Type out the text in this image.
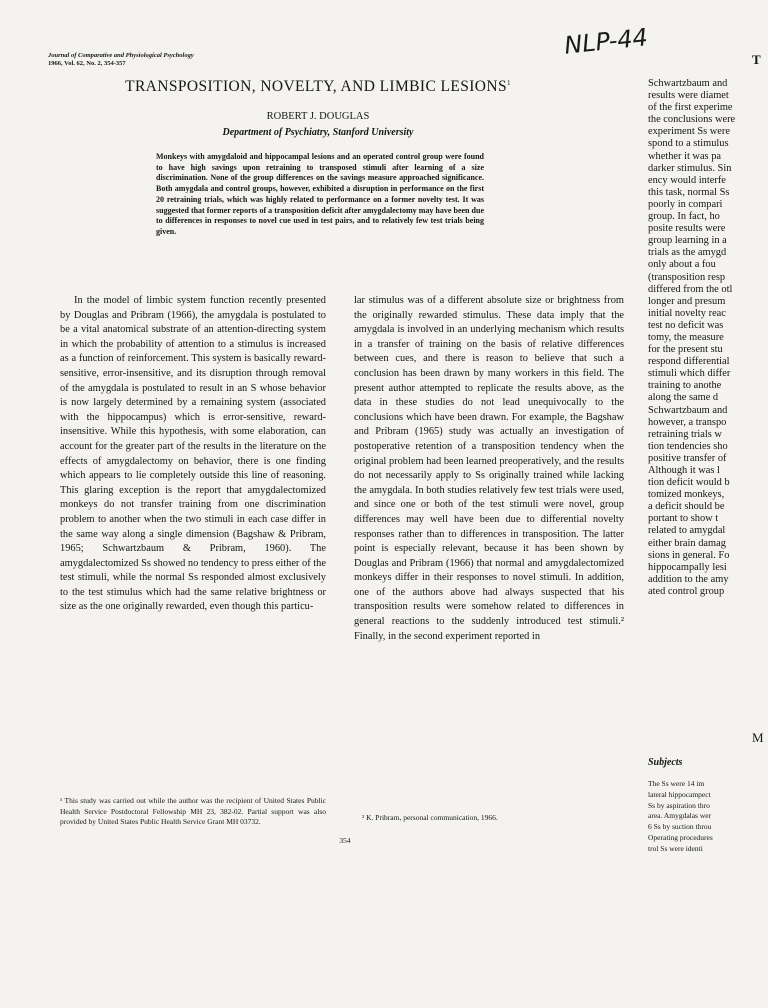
NLP-44
Journal of Comparative and Physiological Psychology
1966, Vol. 62, No. 2, 354-357
TRANSPOSITION, NOVELTY, AND LIMBIC LESIONS$^1$
ROBERT J. DOUGLAS
Department of Psychiatry, Stanford University
Monkeys with amygdaloid and hippocampal lesions and an operated control group were found to have high savings upon retraining to transposed stimuli after learning of a size discrimination. None of the group differences on the savings measure approached significance. Both amygdala and control groups, however, exhibited a disruption in performance on the first 20 retraining trials, which was highly related to performance on a former novelty test. It was suggested that former reports of a transposition deficit after amygdalectomy may have been due to differences in responses to novel cue used in test pairs, and to relatively few test trials being given.

In the model of limbic system function recently presented by Douglas and Pribram (1966), the amygdala is postulated to be a vital anatomical substrate of an attention-directing system in which the probability of attention to a stimulus is increased as a function of reinforcement. This system is basically reward-sensitive, error-insensitive, and its disruption through removal of the amygdala is postulated to result in an S whose behavior is now largely determined by a remaining system (associated with the hippocampus) which is error-sensitive, reward-insensitive. While this hypothesis, with some elaboration, can account for the greater part of the results in the literature on the effects of amygdalectomy on behavior, there is one finding which appears to lie completely outside this line of reasoning. This glaring exception is the report that amygdalectomized monkeys do not transfer training from one discrimination problem to another when the two stimuli in each case differ in the same way along a single dimension (Bagshaw & Pribram, 1965; Schwartzbaum & Pribram, 1960). The amygdalectomized Ss showed no tendency to press either of the test stimuli, while the normal Ss responded almost exclusively to the test stimulus which had the same relative brightness or size as the one originally rewarded, even though this particu-

lar stimulus was of a different absolute size or brightness from the originally rewarded stimulus. These data imply that the amygdala is involved in an underlying mechanism which results in a transfer of training on the basis of relative differences between cues, and there is reason to believe that such a conclusion has been drawn by many workers in this field. The present author attempted to replicate the results above, as the data in these studies do not lead unequivocally to the conclusions which have been drawn. For example, the Bagshaw and Pribram (1965) study was actually an investigation of postoperative retention of a transposition tendency when the original problem had been learned preoperatively, and the results do not necessarily apply to Ss originally trained while lacking the amygdala. In both studies relatively few test trials were used, and since one or both of the test stimuli were novel, group differences may well have been due to differential novelty responses rather than to differences in transposition. The latter point is especially relevant, because it has been shown by Douglas and Pribram (1966) that normal and amygdalectomized monkeys differ in their responses to novel stimuli. In addition, one of the authors above had always suspected that his transposition results were somehow related to differences in general reactions to the suddenly introduced test stimuli.² Finally, in the second experiment reported in

¹ This study was carried out while the author was the recipient of United States Public Health Service Postdoctoral Fellowship MH 23, 382-02. Partial support was also provided by United States Public Health Service Grant MH 03732.	² K. Pribram, personal communication, 1966.
354
T
Schwartzbaum and
results were diamet
of the first experime
the conclusions were
experiment Ss were
spond to a stimulus
whether it was pa
darker stimulus. Sin
ency would interfe
this task, normal Ss
poorly in compari
group. In fact, ho
posite results were
group learning in a
trials as the amygd
only about a fou
(transposition resp
differed from the otl
longer and presum
initial novelty reac
test no deficit was
tomy, the measure
for the present stu
respond differential
stimuli which differ
training to anothe
along the same d
Schwartzbaum and
however, a transpo
retraining trials w
tion tendencies sho
positive transfer of
Although it was l
tion deficit would b
tomized monkeys,
a deficit should be
portant to show t
related to amygdal
either brain damag
sions in general. Fo
hippocampally lesi
addition to the amy
ated control group
M
Subjects
The Ss were 14 im
lateral hippocampect
Ss by aspiration thro
area. Amygdalas wer
6 Ss by suction throu
Operating procedures
trol Ss were identi
